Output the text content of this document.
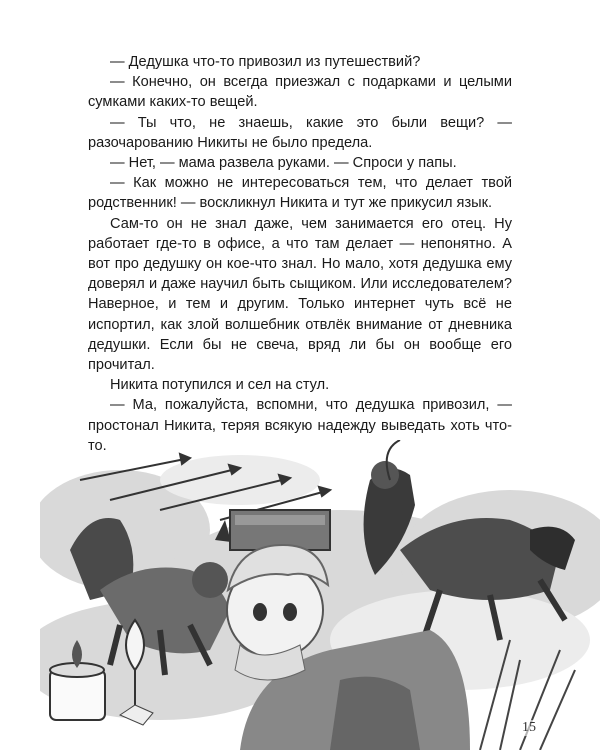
— Дедушка что-то привозил из путешествий?

— Конечно, он всегда приезжал с подарками и целыми сумками каких-то вещей.

— Ты что, не знаешь, какие это были вещи? — разочарованию Никиты не было предела.

— Нет, — мама развела руками. — Спроси у папы.

— Как можно не интересоваться тем, что делает твой родственник! — воскликнул Никита и тут же прикусил язык.

Сам-то он не знал даже, чем занимается его отец. Ну работает где-то в офисе, а что там делает — непонятно. А вот про дедушку он кое-что знал. Но мало, хотя дедушка ему доверял и даже научил быть сыщиком. Или исследователем? Наверное, и тем и другим. Только интернет чуть всё не испортил, как злой волшебник отвлёк внимание от дневника дедушки. Если бы не свеча, вряд ли бы он вообще его прочитал.

Никита потупился и сел на стул.

— Ма, пожалуйста, вспомни, что дедушка привозил, — простонал Никита, теряя всякую надежду выведать хоть что-то.

15
